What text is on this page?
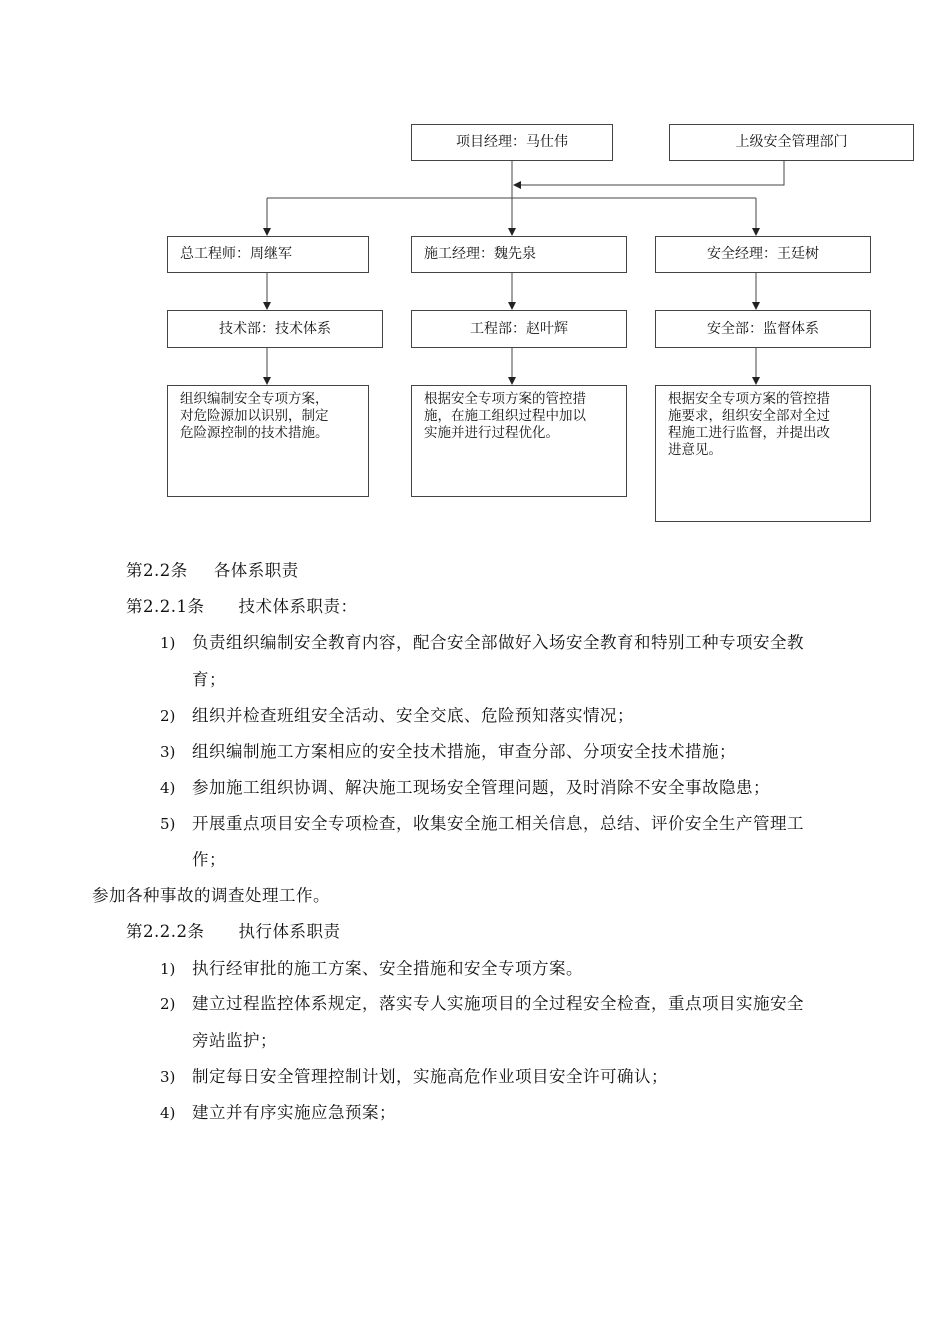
项目经理：马仕伟	上级安全管理部门
总工程师：周继军	施工经理：魏先泉	安全经理：王廷树
技术部：技术体系	工程部：赵叶辉	安全部：监督体系
组织编制安全专项方案，
对危险源加以识别，制定
危险源控制的技术措施。
根据安全专项方案的管控措
施，在施工组织过程中加以
实施并进行过程优化。
根据安全专项方案的管控措
施要求，组织安全部对全过
程施工进行监督，并提出改
进意见。
第2.2条 各体系职责
第2.2.1条 技术体系职责：
1) 负责组织编制安全教育内容，配合安全部做好入场安全教育和特别工种专项安全教
育；
2) 组织并检查班组安全活动、安全交底、危险预知落实情况；
3) 组织编制施工方案相应的安全技术措施，审查分部、分项安全技术措施；
4) 参加施工组织协调、解决施工现场安全管理问题，及时消除不安全事故隐患；
5) 开展重点项目安全专项检查，收集安全施工相关信息，总结、评价安全生产管理工
作；
参加各种事故的调查处理工作。
第2.2.2条 执行体系职责
1) 执行经审批的施工方案、安全措施和安全专项方案。
2) 建立过程监控体系规定，落实专人实施项目的全过程安全检查，重点项目实施安全
旁站监护；
3) 制定每日安全管理控制计划，实施高危作业项目安全许可确认；
4) 建立并有序实施应急预案；
